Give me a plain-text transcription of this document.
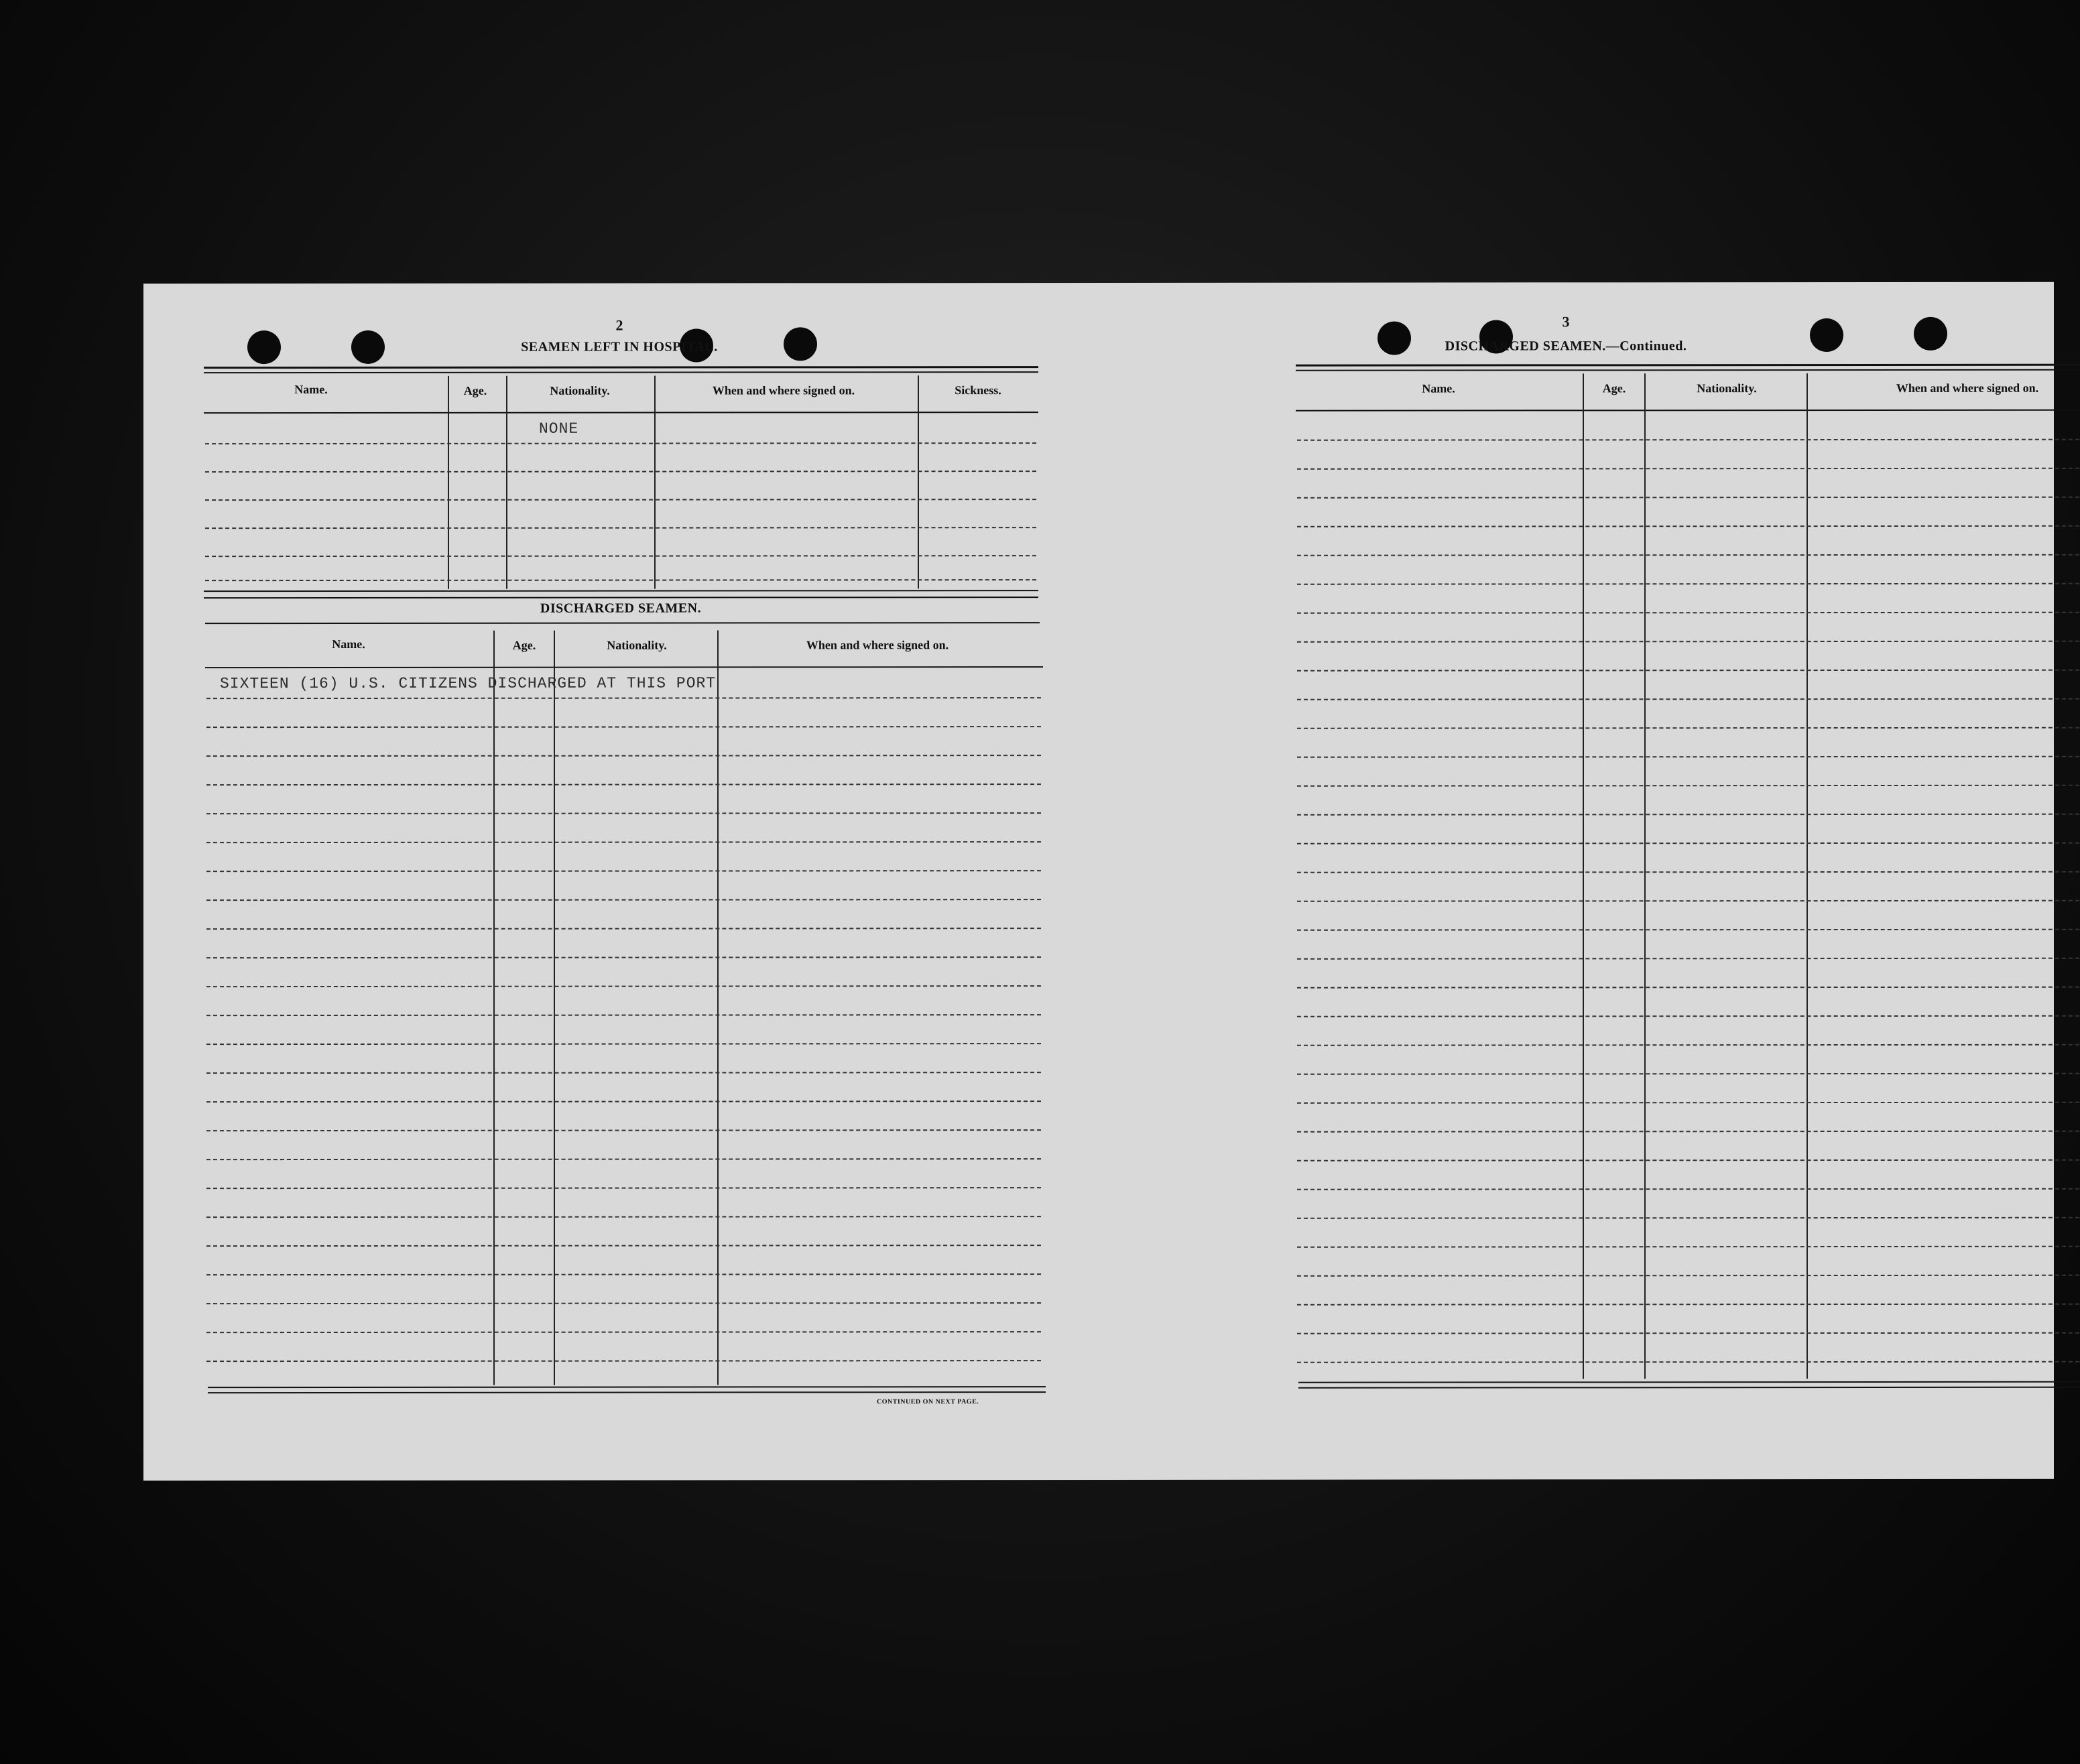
2
SEAMEN LEFT IN HOSPITAL.
Name.	Age.	Nationality.	When and where signed on.	Sickness.
NONE
DISCHARGED SEAMEN.
Name.	Age.	Nationality.	When and where signed on.
SIXTEEN (16) U.S. CITIZENS DISCHARGED AT THIS PORT
CONTINUED ON NEXT PAGE.
3
DISCHARGED SEAMEN.—Continued.
Name.	Age.	Nationality.	When and where signed on.
